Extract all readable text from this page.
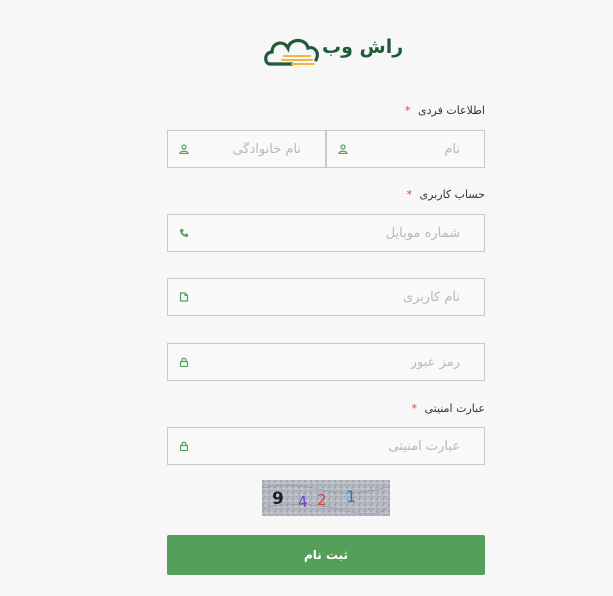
راش وب
اطلاعات فردی *
نام خانوادگی
نام
حساب کاربری *
شماره موبایل
نام کاربری
عبارت امنیتی *
عبارت امنیتی
9 4 2 1
،
ثبت نام
